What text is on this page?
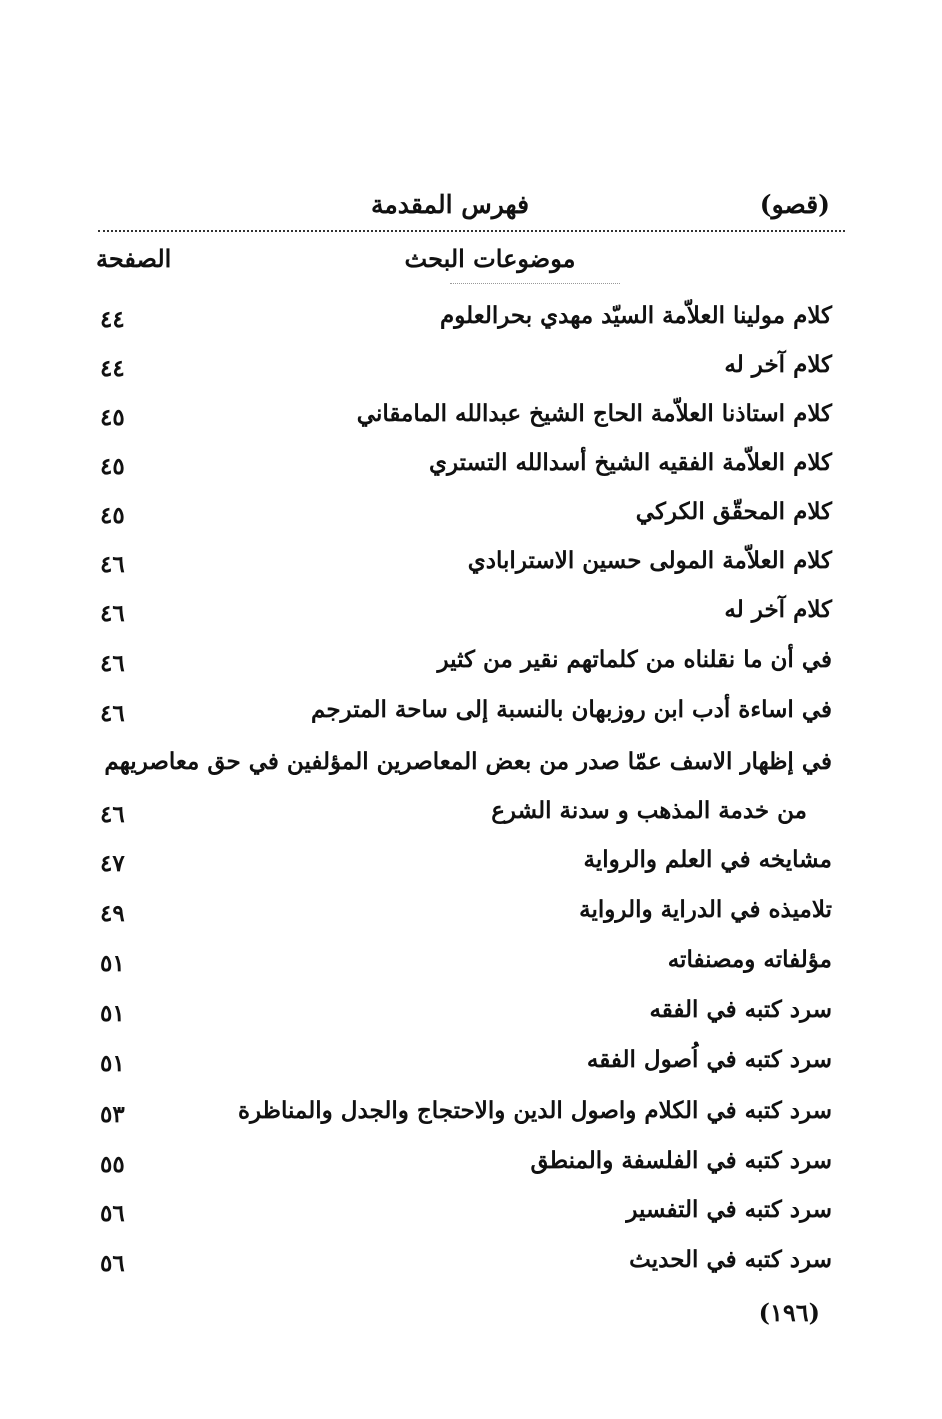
(قصو)
فهرس المقدمة
موضوعات البحث
الصفحة
كلام مولينا العلاّمة السيّد مهدي بحرالعلوم
٤٤
كلام آخر له
٤٤
كلام استاذنا العلاّمة الحاج الشيخ عبدالله المامقاني
٤٥
كلام العلاّمة الفقيه الشيخ أسدالله التستري
٤٥
كلام المحقّق الكركي
٤٥
كلام العلاّمة المولى حسين الاسترابادي
٤٦
كلام آخر له
٤٦
في أن ما نقلناه من كلماتهم نقير من كثير
٤٦
في اساءة أدب ابن روزبهان بالنسبة إلى ساحة المترجم
٤٦
في إظهار الاسف عمّا صدر من بعض المعاصرين المؤلفين في حق معاصريهم
من خدمة المذهب و سدنة الشرع
٤٦
مشايخه في العلم والرواية
٤٧
تلاميذه في الدراية والرواية
٤٩
مؤلفاته ومصنفاته
٥١
سرد كتبه في الفقه
٥١
سرد كتبه في اُصول الفقه
٥١
سرد كتبه في الكلام واصول الدين والاحتجاج والجدل والمناظرة
٥٣
سرد كتبه في الفلسفة والمنطق
٥٥
سرد كتبه في التفسير
٥٦
سرد كتبه في الحديث
٥٦
(١٩٦)
